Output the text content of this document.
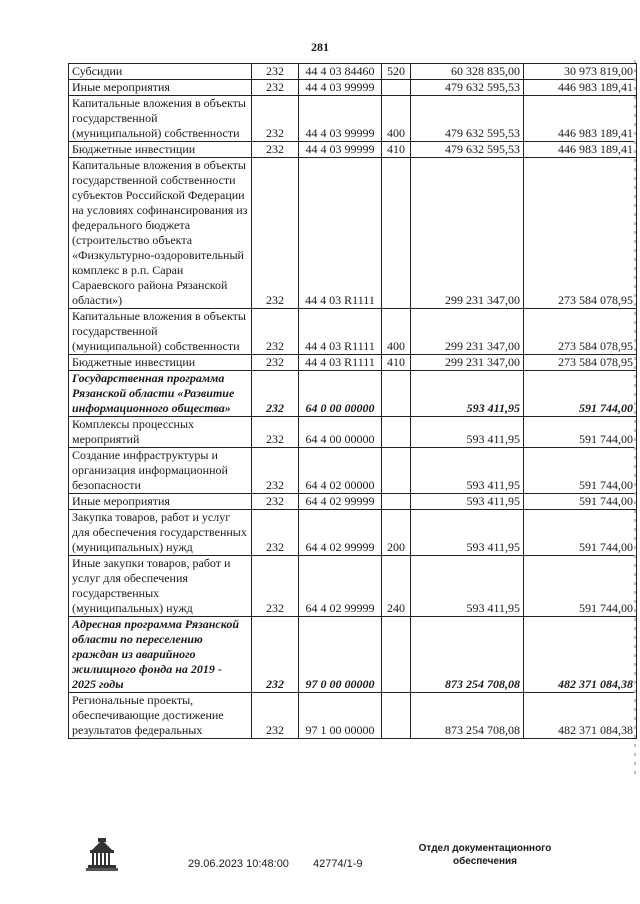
281
Субсидии	232	44 4 03 84460	520	60 328 835,00	30 973 819,00
Иные мероприятия	232	44 4 03 99999		479 632 595,53	446 983 189,41
Капитальные вложения в объекты государственной (муниципальной) собственности	232	44 4 03 99999	400	479 632 595,53	446 983 189,41
Бюджетные инвестиции	232	44 4 03 99999	410	479 632 595,53	446 983 189,41
Капитальные вложения в объекты государственной собственности субъектов Российской Федерации на условиях софинансирования из федерального бюджета (строительство объекта «Физкультурно-оздоровительный комплекс в р.п. Сараи Сараевского района Рязанской области»)	232	44 4 03 R1111		299 231 347,00	273 584 078,95
Капитальные вложения в объекты государственной (муниципальной) собственности	232	44 4 03 R1111	400	299 231 347,00	273 584 078,95
Бюджетные инвестиции	232	44 4 03 R1111	410	299 231 347,00	273 584 078,95
Государственная программа Рязанской области «Развитие информационного общества»	232	64 0 00 00000		593 411,95	591 744,00
Комплексы процессных мероприятий	232	64 4 00 00000		593 411,95	591 744,00
Создание инфраструктуры и организация информационной безопасности	232	64 4 02 00000		593 411,95	591 744,00
Иные мероприятия	232	64 4 02 99999		593 411,95	591 744,00
Закупка товаров, работ и услуг для обеспечения государственных (муниципальных) нужд	232	64 4 02 99999	200	593 411,95	591 744,00
Иные закупки товаров, работ и услуг для обеспечения государственных (муниципальных) нужд	232	64 4 02 99999	240	593 411,95	591 744,00
Адресная программа Рязанской области по переселению граждан из аварийного жилищного фонда на 2019 - 2025 годы	232	97 0 00 00000		873 254 708,08	482 371 084,38
Региональные проекты, обеспечивающие достижение результатов федеральных	232	97 1 00 00000		873 254 708,08	482 371 084,38
29.06.2023 10:48:00 42774/1-9
Отдел документационного
обеспечения
